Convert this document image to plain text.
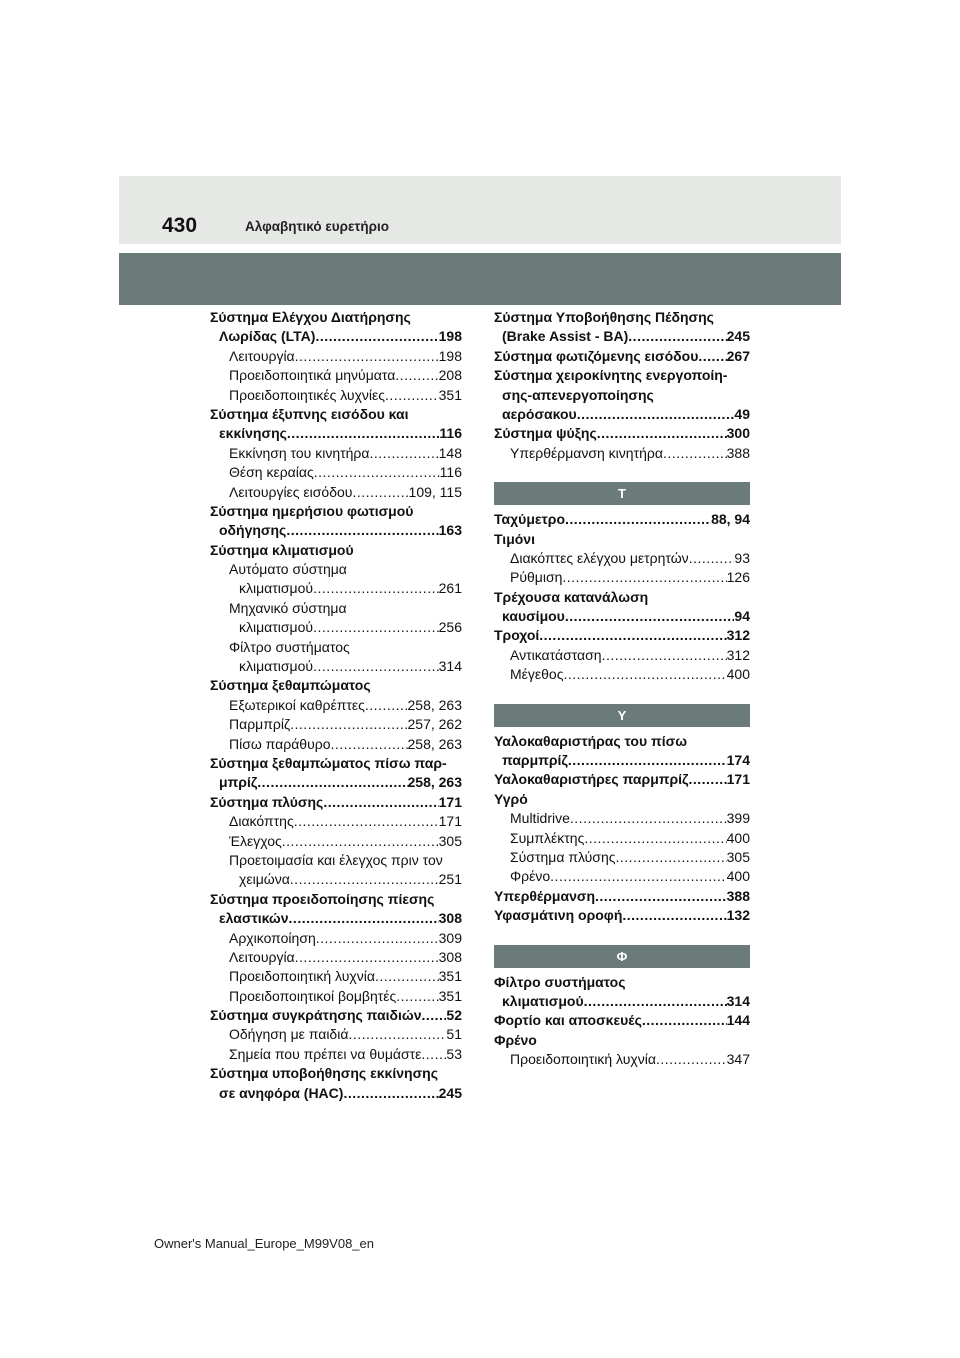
430	Αλφαβητικό ευρετήριο
Σύστημα Ελέγχου Διατήρησης
Λωρίδας (LTA) .....	198
Λειτουργία .....	198
Προειδοποιητικά μηνύματα .....	208
Προειδοποιητικές λυχνίες .....	351
Σύστημα έξυπνης εισόδου και
εκκίνησης .....	116
Εκκίνηση του κινητήρα .....	148
Θέση κεραίας .....	116
Λειτουργίες εισόδου .....	109, 115
Σύστημα ημερήσιου φωτισμού
οδήγησης .....	163
Σύστημα κλιματισμού
Αυτόματο σύστημα
κλιματισμού .....	261
Μηχανικό σύστημα
κλιματισμού .....	256
Φίλτρο συστήματος
κλιματισμού .....	314
Σύστημα ξεθαμπώματος
Εξωτερικοί καθρέπτες .....	258, 263
Παρμπρίζ .....	257, 262
Πίσω παράθυρο .....	258, 263
Σύστημα ξεθαμπώματος πίσω παρ-
μπρίζ .....	258, 263
Σύστημα πλύσης .....	171
Διακόπτης .....	171
Έλεγχος .....	305
Προετοιμασία και έλεγχος πριν τον
χειμώνα .....	251
Σύστημα προειδοποίησης πίεσης
ελαστικών .....	308
Αρχικοποίηση .....	309
Λειτουργία .....	308
Προειδοποιητική λυχνία .....	351
Προειδοποιητικοί βομβητές .....	351
Σύστημα συγκράτησης παιδιών ..... 52
Οδήγηση με παιδιά .....	51
Σημεία που πρέπει να θυμάστε ..... 53
Σύστημα υποβοήθησης εκκίνησης
σε ανηφόρα (HAC) .....	245
Σύστημα Υποβοήθησης Πέδησης
(Brake Assist - BA) .....	245
Σύστημα φωτιζόμενης εισόδου ..... 267
Σύστημα χειροκίνητης ενεργοποίη-
σης-απενεργοποίησης
αερόσακου .....	49
Σύστημα ψύξης .....	300
Υπερθέρμανση κινητήρα .....	388
Τ
Ταχύμετρο .....	88, 94
Τιμόνι
Διακόπτες ελέγχου μετρητών .....	93
Ρύθμιση .....	126
Τρέχουσα κατανάλωση
καυσίμου .....	94
Τροχοί .....	312
Αντικατάσταση .....	312
Μέγεθος .....	400
Υ
Υαλοκαθαριστήρας του πίσω
παρμπρίζ .....	174
Υαλοκαθαριστήρες παρμπρίζ .....	171
Υγρό
Multidrive .....	399
Συμπλέκτης .....	400
Σύστημα πλύσης .....	305
Φρένο .....	400
Υπερθέρμανση .....	388
Υφασμάτινη οροφή .....	132
Φ
Φίλτρο συστήματος
κλιματισμού .....	314
Φορτίο και αποσκευές .....	144
Φρένο
Προειδοποιητική λυχνία .....	347
Owner's Manual_Europe_M99V08_en
